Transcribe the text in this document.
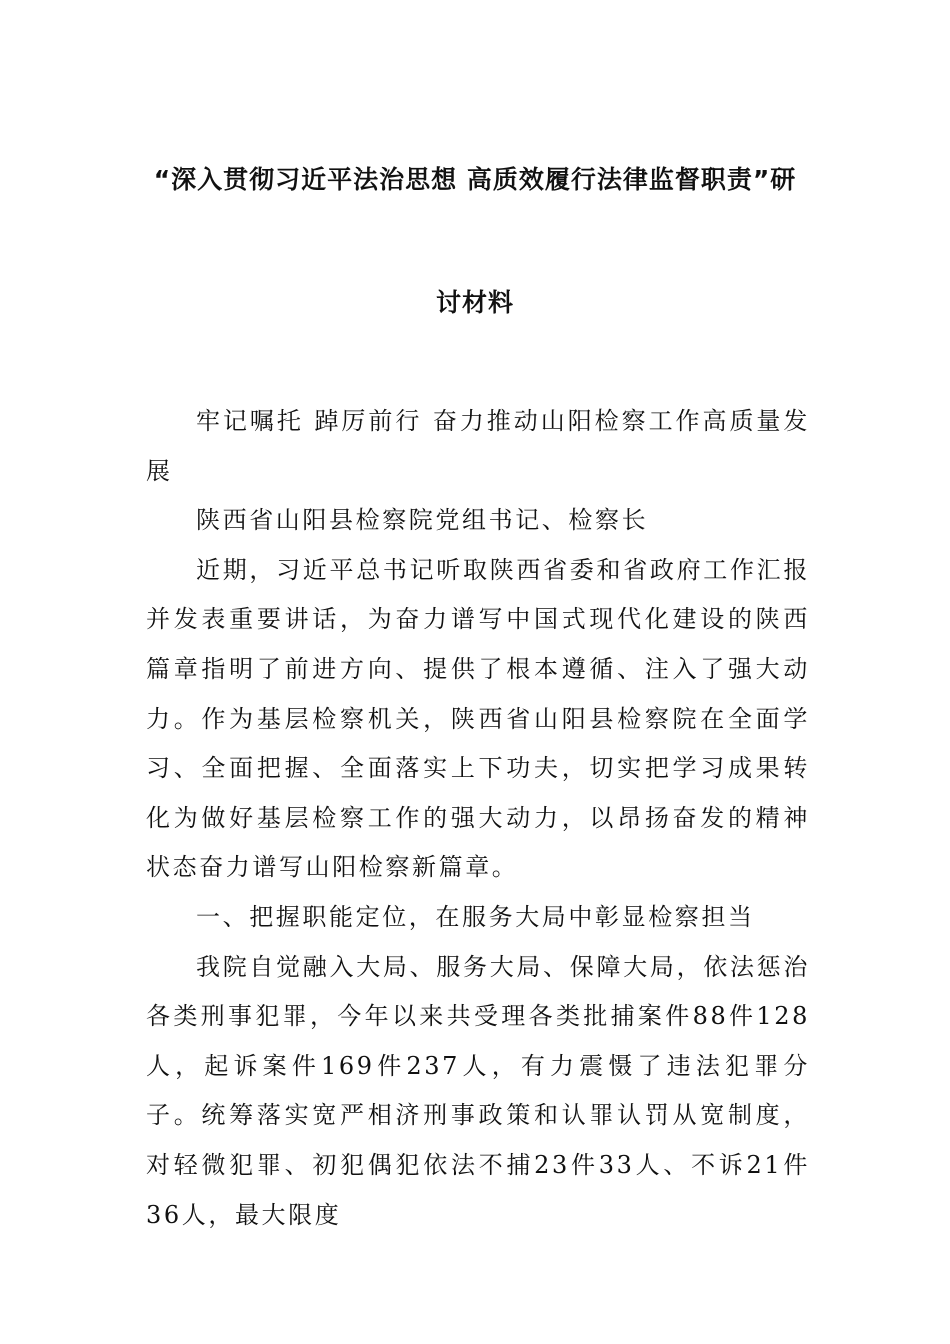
“深入贯彻习近平法治思想 高质效履行法律监督职责”研
讨材料

牢记嘱托 踔厉前行 奋力推动山阳检察工作高质量发展

陕西省山阳县检察院党组书记、检察长

近期，习近平总书记听取陕西省委和省政府工作汇报并发表重要讲话，为奋力谱写中国式现代化建设的陕西篇章指明了前进方向、提供了根本遵循、注入了强大动力。作为基层检察机关，陕西省山阳县检察院在全面学习、全面把握、全面落实上下功夫，切实把学习成果转化为做好基层检察工作的强大动力，以昂扬奋发的精神状态奋力谱写山阳检察新篇章。

一、把握职能定位，在服务大局中彰显检察担当

我院自觉融入大局、服务大局、保障大局，依法惩治各类刑事犯罪，今年以来共受理各类批捕案件88件128人，起诉案件169件237人，有力震慑了违法犯罪分子。统筹落实宽严相济刑事政策和认罪认罚从宽制度，对轻微犯罪、初犯偶犯依法不捕23件33人、不诉21件36人，最大限度
